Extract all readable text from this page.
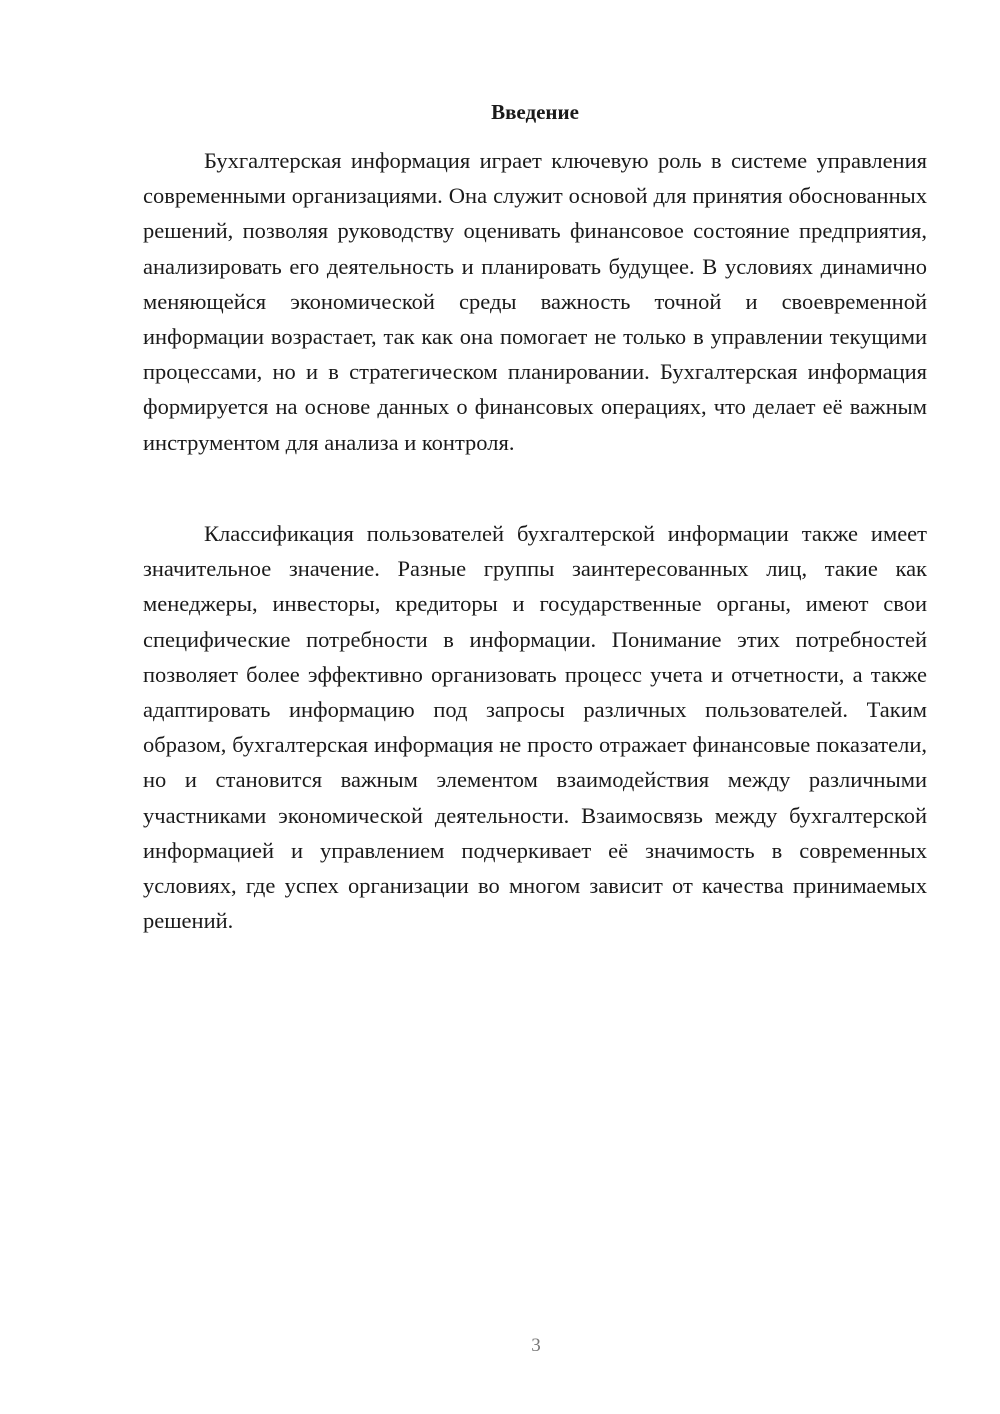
Введение

Бухгалтерская информация играет ключевую роль в системе управления современными организациями. Она служит основой для принятия обоснованных решений, позволяя руководству оценивать финансовое состояние предприятия, анализировать его деятельность и планировать будущее. В условиях динамично меняющейся экономической среды важность точной и своевременной информации возрастает, так как она помогает не только в управлении текущими процессами, но и в стратегическом планировании. Бухгалтерская информация формируется на основе данных о финансовых операциях, что делает её важным инструментом для анализа и контроля.

Классификация пользователей бухгалтерской информации также имеет значительное значение. Разные группы заинтересованных лиц, такие как менеджеры, инвесторы, кредиторы и государственные органы, имеют свои специфические потребности в информации. Понимание этих потребностей позволяет более эффективно организовать процесс учета и отчетности, а также адаптировать информацию под запросы различных пользователей. Таким образом, бухгалтерская информация не просто отражает финансовые показатели, но и становится важным элементом взаимодействия между различными участниками экономической деятельности. Взаимосвязь между бухгалтерской информацией и управлением подчеркивает её значимость в современных условиях, где успех организации во многом зависит от качества принимаемых решений.

3
